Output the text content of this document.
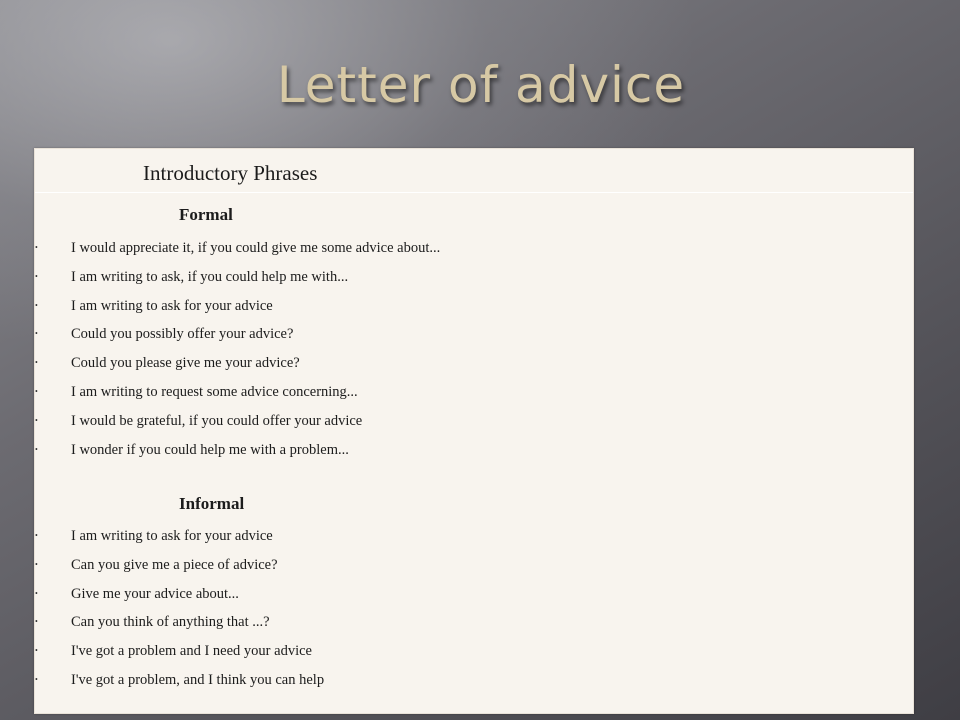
Letter of advice
Introductory Phrases
Formal
• I would appreciate it, if you could give me some advice about...
• I am writing to ask, if you could help me with...
• I am writing to ask for your advice
• Could you possibly offer your advice?
• Could you please give me your advice?
• I am writing to request some advice concerning...
• I would be grateful, if you could offer your advice
• I wonder if you could help me with a problem...
Informal
• I am writing to ask for your advice
• Can you give me a piece of advice?
• Give me your advice about...
• Can you think of anything that ...?
• I've got a problem and I need your advice
• I've got a problem, and I think you can help
